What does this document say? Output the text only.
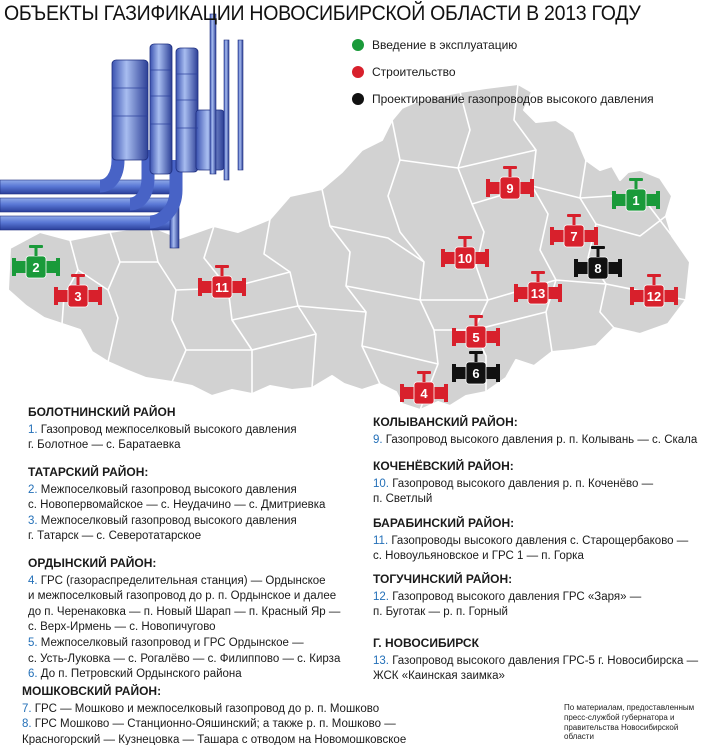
1
2
3
4
5
6
7
8
9
10
11
12
13
ОБЪЕКТЫ ГАЗИФИКАЦИИ НОВОСИБИРСКОЙ ОБЛАСТИ В 2013 ГОДУ
Введение в эксплуатацию
Строительство
Проектирование газопроводов высокого давления
БОЛОТНИНСКИЙ РАЙОН
1. Газопровод межпоселковый высокого давления
г. Болотное — с. Баратаевка
ТАТАРСКИЙ РАЙОН:
2. Межпоселковый газопровод высокого давления
с. Новопервомайское — с. Неудачино — с. Дмитриевка
3. Межпоселковый газопровод высокого давления
г. Татарск — с. Северотатарское
ОРДЫНСКИЙ РАЙОН:
4. ГРС (газораспределительная станция) — Ордынское
и межпоселковый газопровод до р. п. Ордынское и далее
до п. Черенаковка — п. Новый Шарап — п. Красный Яр —
с. Верх-Ирмень — с. Новопичугово
5. Межпоселковый газопровод и ГРС Ордынское —
с. Усть-Луковка — с. Рогалёво — с. Филиппово — с. Кирза
6. До п. Петровский Ордынского района
МОШКОВСКИЙ РАЙОН:
7. ГРС — Мошково и межпоселковый газопровод до р. п. Мошково
8. ГРС Мошково — Станционно-Ояшинский; а также р. п. Мошково —
Красногорский — Кузнецовка — Ташара с отводом на Новомошковское
КОЛЫВАНСКИЙ РАЙОН:
9. Газопровод высокого давления р. п. Колывань — с. Скала
КОЧЕНЁВСКИЙ РАЙОН:
10. Газопровод высокого давления р. п. Коченёво —
п. Светлый
БАРАБИНСКИЙ РАЙОН:
11. Газопроводы высокого давления с. Старощербаково —
с. Новоульяновское и ГРС 1 — п. Горка
ТОГУЧИНСКИЙ РАЙОН:
12. Газопровод высокого давления ГРС «Заря» —
п. Буготак — р. п. Горный
Г. НОВОСИБИРСК
13. Газопровод высокого давления ГРС-5 г. Новосибирска —
ЖСК «Каинская заимка»
По материалам, предоставленным пресс-службой губернатора и правительства Новосибирской области
